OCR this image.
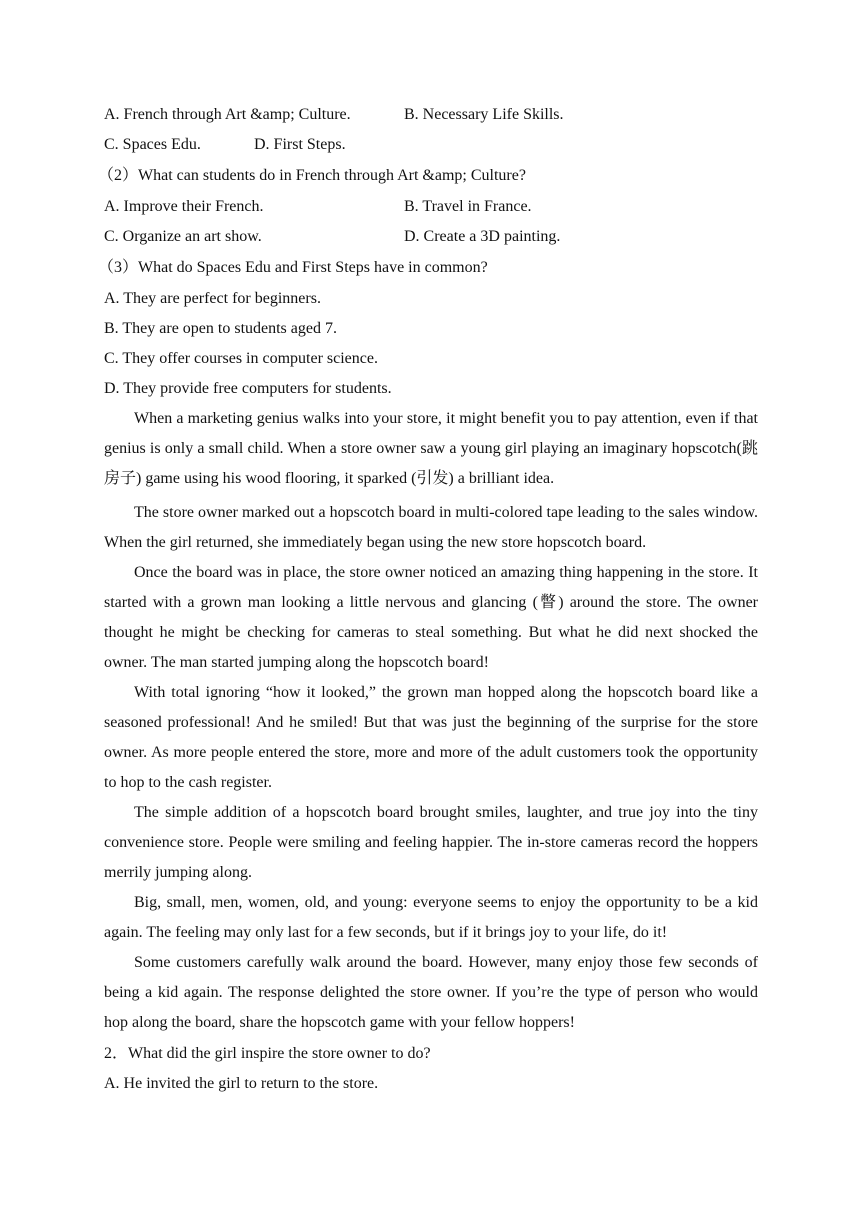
A. French through Art &amp; Culture.	B. Necessary Life Skills.
C. Spaces Edu.	D. First Steps.

（2）What can students do in French through Art &amp; Culture?

A. Improve their French.	B. Travel in France.
C. Organize an art show.	D. Create a 3D painting.

（3）What do Spaces Edu and First Steps have in common?

A. They are perfect for beginners.

B. They are open to students aged 7.

C. They offer courses in computer science.

D. They provide free computers for students.

When a marketing genius walks into your store, it might benefit you to pay attention, even if that genius is only a small child. When a store owner saw a young girl playing an imaginary hopscotch(跳房子) game using his wood flooring, it sparked (引发) a brilliant idea.

The store owner marked out a hopscotch board in multi-colored tape leading to the sales window. When the girl returned, she immediately began using the new store hopscotch board.

Once the board was in place, the store owner noticed an amazing thing happening in the store. It started with a grown man looking a little nervous and glancing (瞥) around the store. The owner thought he might be checking for cameras to steal something. But what he did next shocked the owner. The man started jumping along the hopscotch board!

With total ignoring “how it looked,” the grown man hopped along the hopscotch board like a seasoned professional! And he smiled! But that was just the beginning of the surprise for the store owner. As more people entered the store, more and more of the adult customers took the opportunity to hop to the cash register.

The simple addition of a hopscotch board brought smiles, laughter, and true joy into the tiny convenience store. People were smiling and feeling happier. The in-store cameras record the hoppers merrily jumping along.

Big, small, men, women, old, and young: everyone seems to enjoy the opportunity to be a kid again. The feeling may only last for a few seconds, but if it brings joy to your life, do it!

Some customers carefully walk around the board. However, many enjoy those few seconds of being a kid again. The response delighted the store owner. If you’re the type of person who would hop along the board, share the hopscotch game with your fellow hoppers!

2．What did the girl inspire the store owner to do?

A. He invited the girl to return to the store.
